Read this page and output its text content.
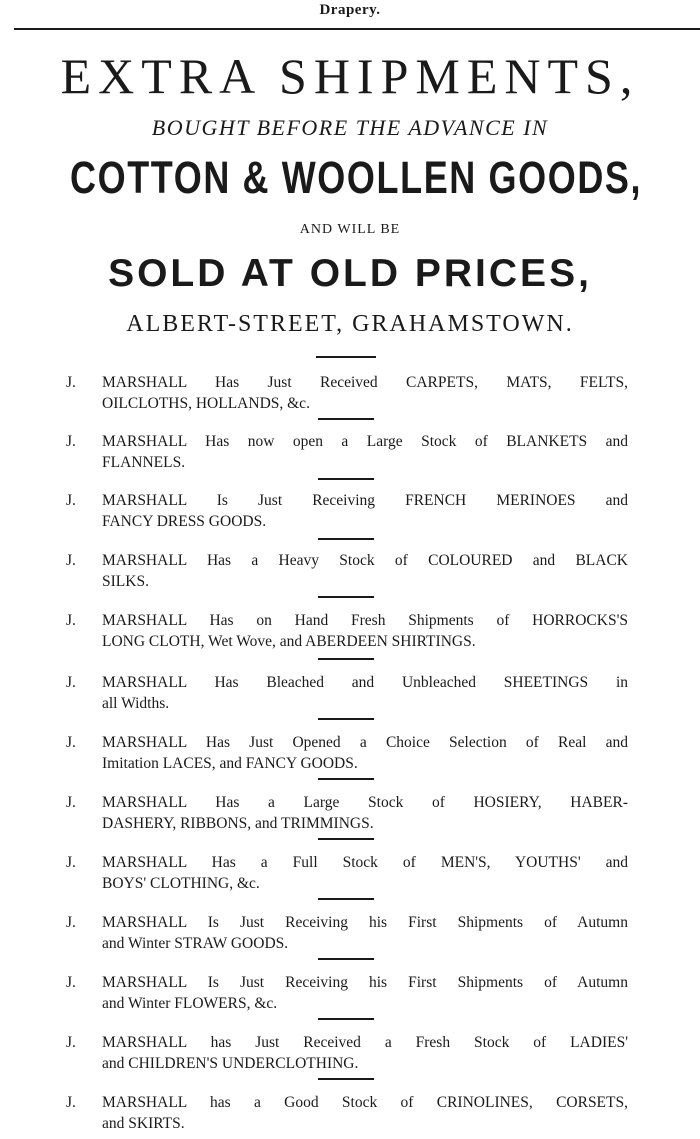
Drapery.
EXTRA SHIPMENTS,
BOUGHT BEFORE THE ADVANCE IN
COTTON & WOOLLEN GOODS,
AND WILL BE
SOLD AT OLD PRICES,
ALBERT-STREET, GRAHAMSTOWN.
J. MARSHALL Has Just Received CARPETS, MATS, FELTS,
OILCLOTHS, HOLLANDS, &c.
J. MARSHALL Has now open a Large Stock of BLANKETS and
FLANNELS.
J. MARSHALL Is Just Receiving FRENCH MERINOES and
FANCY DRESS GOODS.
J. MARSHALL Has a Heavy Stock of COLOURED and BLACK
SILKS.
J. MARSHALL Has on Hand Fresh Shipments of HORROCKS'S
LONG CLOTH, Wet Wove, and ABERDEEN SHIRTINGS.
J. MARSHALL Has Bleached and Unbleached SHEETINGS in
all Widths.
J. MARSHALL Has Just Opened a Choice Selection of Real and
Imitation LACES, and FANCY GOODS.
J. MARSHALL Has a Large Stock of HOSIERY, HABER-
DASHERY, RIBBONS, and TRIMMINGS.
J. MARSHALL Has a Full Stock of MEN'S, YOUTHS' and
BOYS' CLOTHING, &c.
J. MARSHALL Is Just Receiving his First Shipments of Autumn
and Winter STRAW GOODS.
J. MARSHALL Is Just Receiving his First Shipments of Autumn
and Winter FLOWERS, &c.
J. MARSHALL has Just Received a Fresh Stock of LADIES'
and CHILDREN'S UNDERCLOTHING.
J. MARSHALL has a Good Stock of CRINOLINES, CORSETS,
and SKIRTS.
